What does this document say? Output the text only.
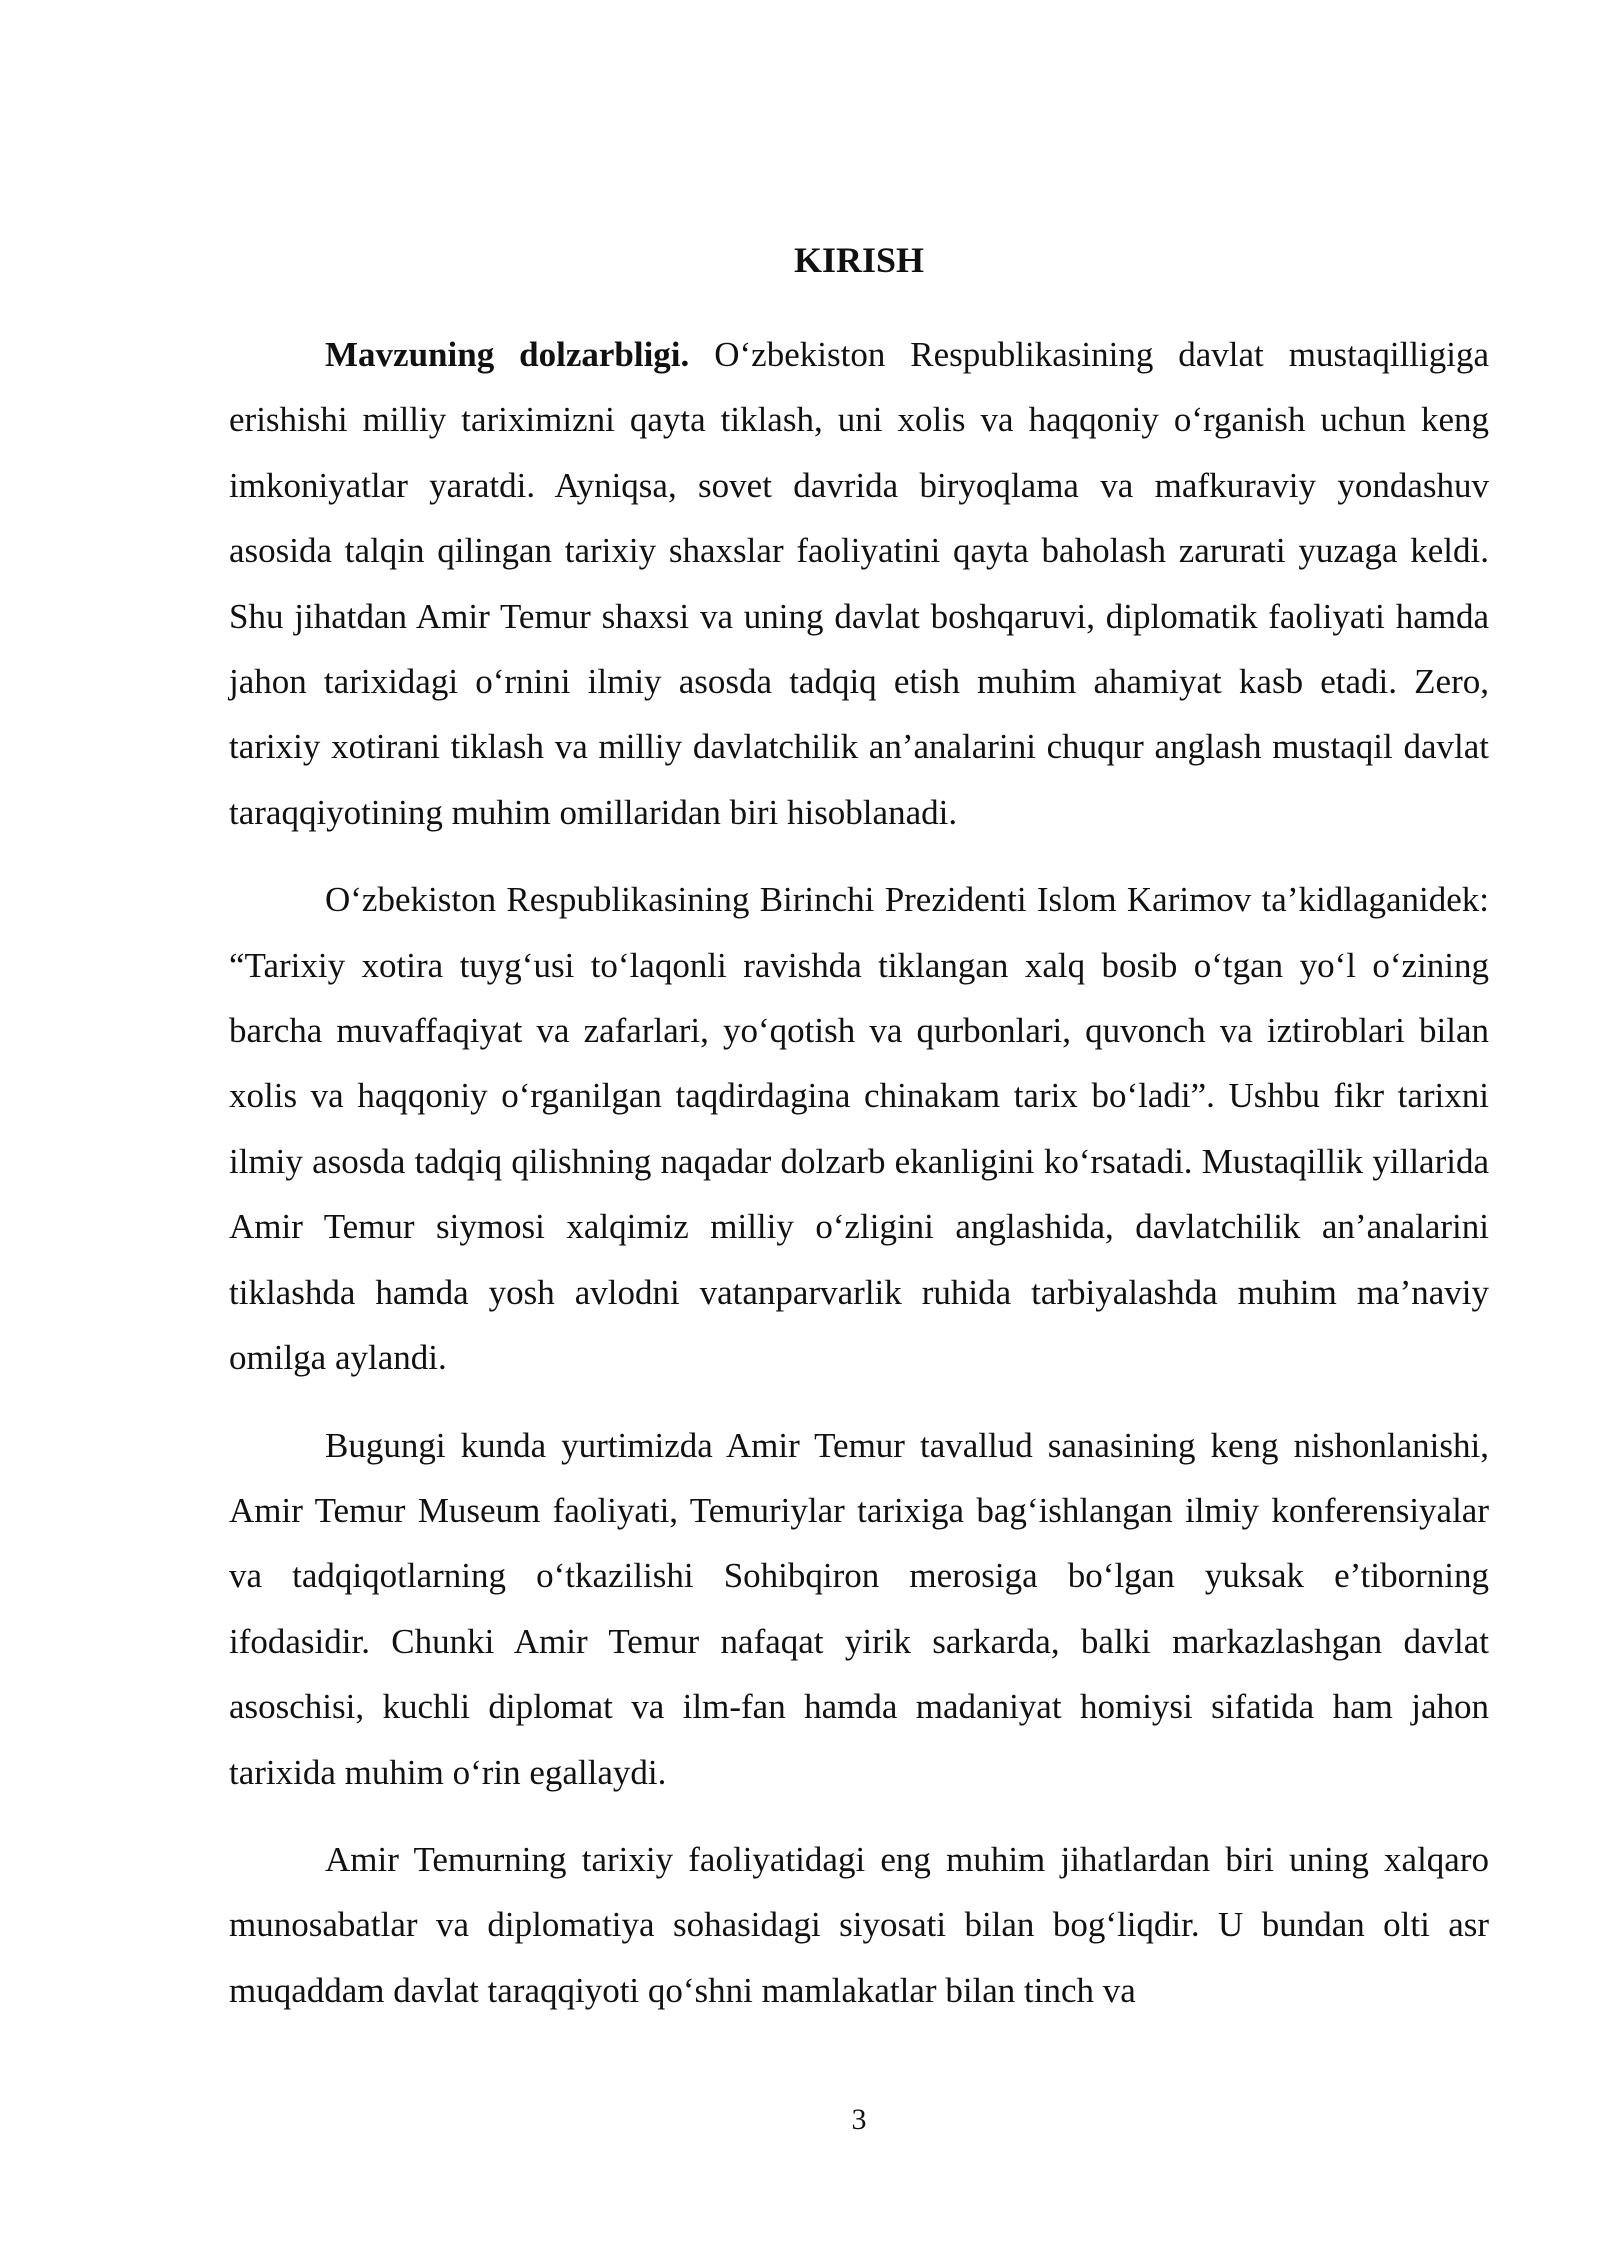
KIRISH

Mavzuning dolzarbligi. O‘zbekiston Respublikasining davlat mustaqilligiga erishishi milliy tariximizni qayta tiklash, uni xolis va haqqoniy o‘rganish uchun keng imkoniyatlar yaratdi. Ayniqsa, sovet davrida biryoqlama va mafkuraviy yondashuv asosida talqin qilingan tarixiy shaxslar faoliyatini qayta baholash zarurati yuzaga keldi. Shu jihatdan Amir Temur shaxsi va uning davlat boshqaruvi, diplomatik faoliyati hamda jahon tarixidagi o‘rnini ilmiy asosda tadqiq etish muhim ahamiyat kasb etadi. Zero, tarixiy xotirani tiklash va milliy davlatchilik an’analarini chuqur anglash mustaqil davlat taraqqiyotining muhim omillaridan biri hisoblanadi.

O‘zbekiston Respublikasining Birinchi Prezidenti Islom Karimov ta’kidlaganidek: “Tarixiy xotira tuyg‘usi to‘laqonli ravishda tiklangan xalq bosib o‘tgan yo‘l o‘zining barcha muvaffaqiyat va zafarlari, yo‘qotish va qurbonlari, quvonch va iztiroblari bilan xolis va haqqoniy o‘rganilgan taqdirdagina chinakam tarix bo‘ladi”. Ushbu fikr tarixni ilmiy asosda tadqiq qilishning naqadar dolzarb ekanligini ko‘rsatadi. Mustaqillik yillarida Amir Temur siymosi xalqimiz milliy o‘zligini anglashida, davlatchilik an’analarini tiklashda hamda yosh avlodni vatanparvarlik ruhida tarbiyalashda muhim ma’naviy omilga aylandi.

Bugungi kunda yurtimizda Amir Temur tavallud sanasining keng nishonlanishi, Amir Temur Museum faoliyati, Temuriylar tarixiga bag‘ishlangan ilmiy konferensiyalar va tadqiqotlarning o‘tkazilishi Sohibqiron merosiga bo‘lgan yuksak e’tiborning ifodasidir. Chunki Amir Temur nafaqat yirik sarkarda, balki markazlashgan davlat asoschisi, kuchli diplomat va ilm-fan hamda madaniyat homiysi sifatida ham jahon tarixida muhim o‘rin egallaydi.

Amir Temurning tarixiy faoliyatidagi eng muhim jihatlardan biri uning xalqaro munosabatlar va diplomatiya sohasidagi siyosati bilan bog‘liqdir. U bundan olti asr muqaddam davlat taraqqiyoti qo‘shni mamlakatlar bilan tinch va

3
